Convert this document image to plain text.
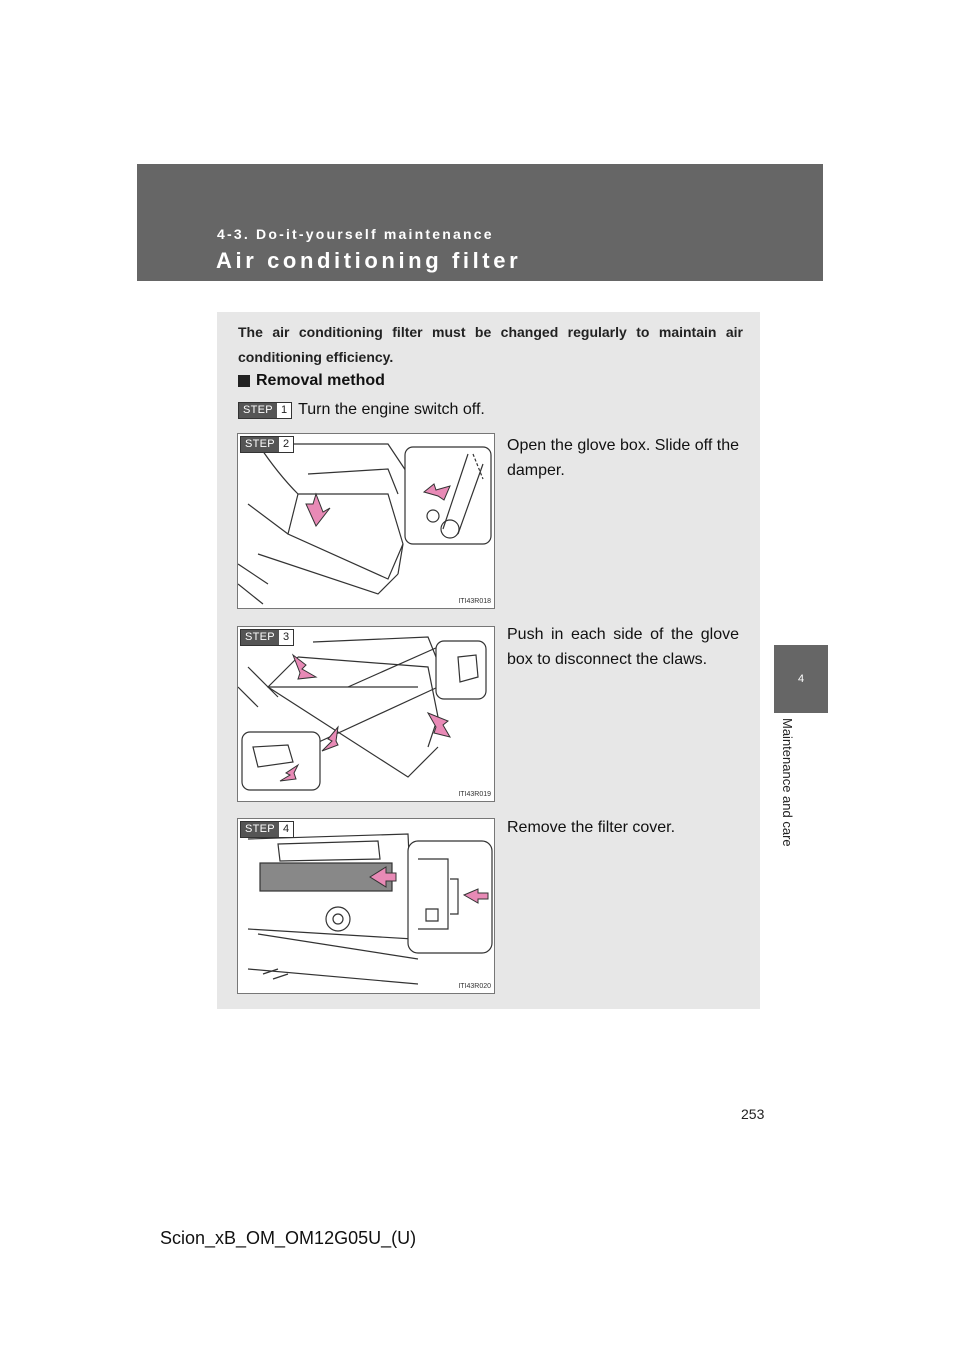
4-3. Do-it-yourself maintenance
Air conditioning filter
4
Maintenance and care
The air conditioning filter must be changed regularly to maintain air conditioning efficiency.
Removal method
STEP 1 Turn the engine switch off.
STEP 2
ITI43R018
Open the glove box. Slide off the damper.
STEP 3
ITI43R019
Push in each side of the glove box to disconnect the claws.
STEP 4
ITI43R020
Remove the filter cover.
253
Scion_xB_OM_OM12G05U_(U)
